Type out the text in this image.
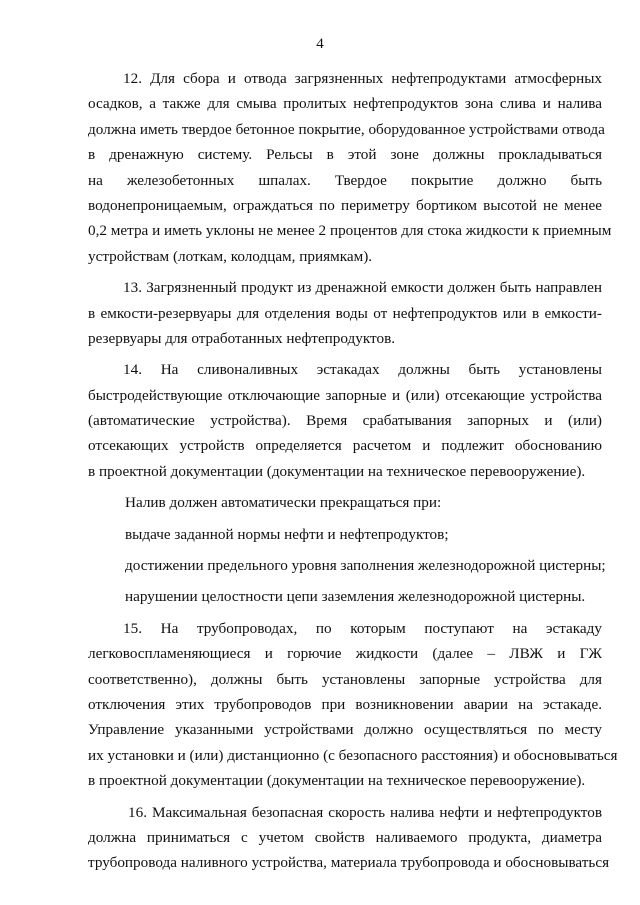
4
12. Для сбора и отвода загрязненных нефтепродуктами атмосферных
осадков, а также для смыва пролитых нефтепродуктов зона слива и налива
должна иметь твердое бетонное покрытие, оборудованное устройствами отвода
в дренажную систему. Рельсы в этой зоне должны прокладываться
на железобетонных шпалах. Твердое покрытие должно быть
водонепроницаемым, ограждаться по периметру бортиком высотой не менее
0,2 метра и иметь уклоны не менее 2 процентов для стока жидкости к приемным
устройствам (лоткам, колодцам, приямкам).
13. Загрязненный продукт из дренажной емкости должен быть направлен
в емкости-резервуары для отделения воды от нефтепродуктов или в емкости-
резервуары для отработанных нефтепродуктов.
14. На сливоналивных эстакадах должны быть установлены
быстродействующие отключающие запорные и (или) отсекающие устройства
(автоматические устройства). Время срабатывания запорных и (или)
отсекающих устройств определяется расчетом и подлежит обоснованию
в проектной документации (документации на техническое перевооружение).
Налив должен автоматически прекращаться при:
выдаче заданной нормы нефти и нефтепродуктов;
достижении предельного уровня заполнения железнодорожной цистерны;
нарушении целостности цепи заземления железнодорожной цистерны.
15. На трубопроводах, по которым поступают на эстакаду
легковоспламеняющиеся и горючие жидкости (далее – ЛВЖ и ГЖ
соответственно), должны быть установлены запорные устройства для
отключения этих трубопроводов при возникновении аварии на эстакаде.
Управление указанными устройствами должно осуществляться по месту
их установки и (или) дистанционно (с безопасного расстояния) и обосновываться
в проектной документации (документации на техническое перевооружение).
16. Максимальная безопасная скорость налива нефти и нефтепродуктов
должна приниматься с учетом свойств наливаемого продукта, диаметра
трубопровода наливного устройства, материала трубопровода и обосновываться
